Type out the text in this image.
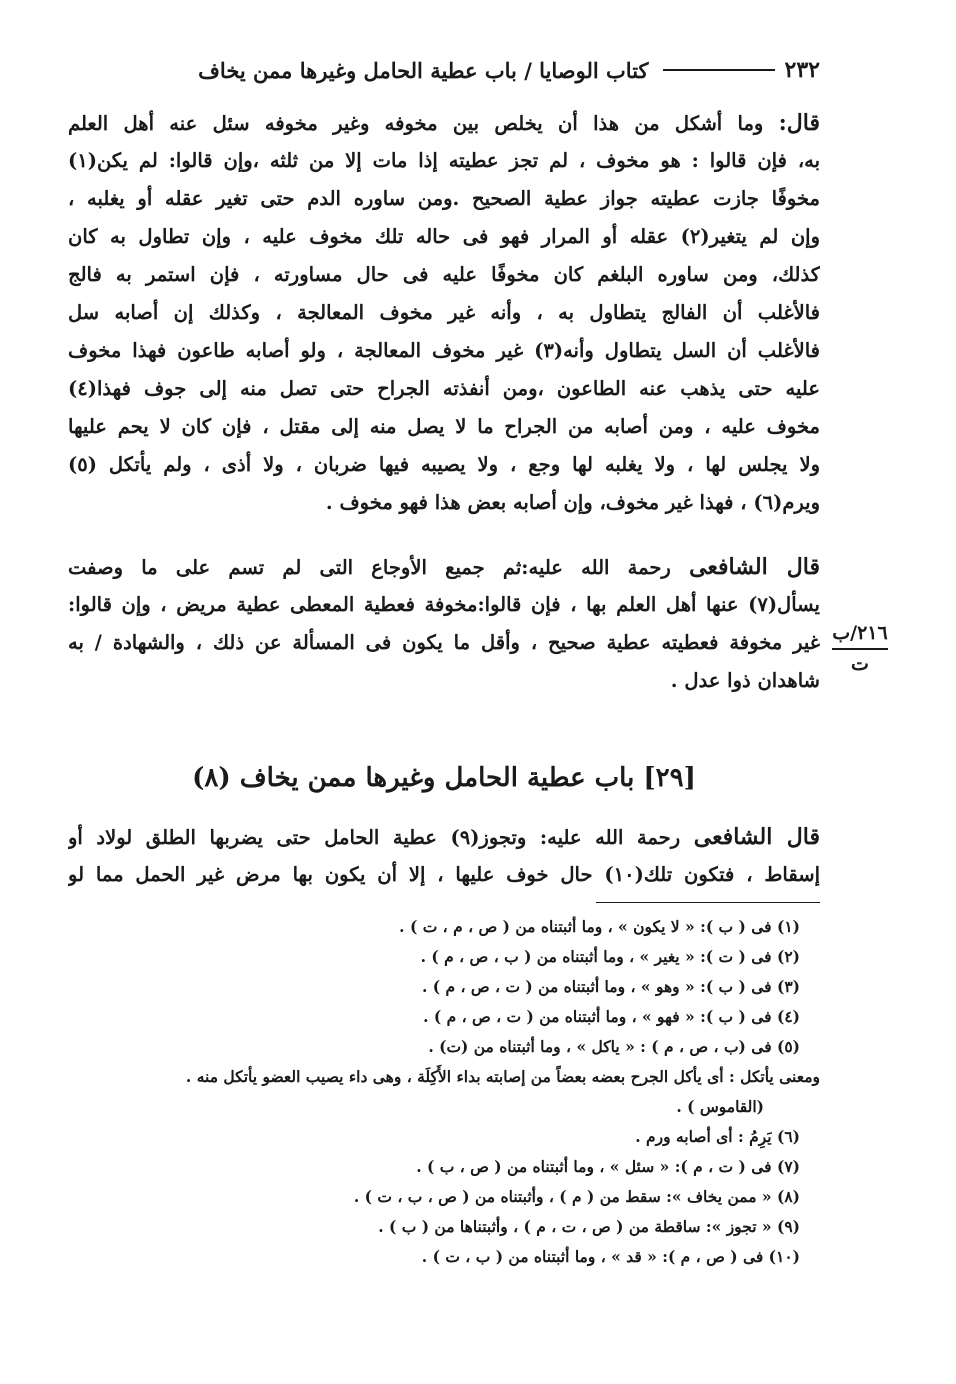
٢٣٢
كتاب الوصايا / باب عطية الحامل وغيرها ممن يخاف
قال: وما أشكل من هذا أن يخلص بين مخوفه وغير مخوفه سئل عنه أهل العلم
به، فإن قالوا : هو مخوف ، لم تجز عطيته إذا مات إلا من ثلثه ،وإن قالوا: لم يكن(١)
مخوفًا جازت عطيته جواز عطية الصحيح .ومن ساوره الدم حتى تغير عقله أو يغلبه ،
وإن لم يتغير(٢) عقله أو المرار فهو فى حاله تلك مخوف عليه ، وإن تطاول به كان
كذلك، ومن ساوره البلغم كان مخوفًا عليه فى حال مساورته ، فإن استمر به فالج
فالأغلب أن الفالج يتطاول به ، وأنه غير مخوف المعالجة ، وكذلك إن أصابه سل
فالأغلب أن السل يتطاول وأنه(٣) غير مخوف المعالجة ، ولو أصابه طاعون فهذا مخوف
عليه حتى يذهب عنه الطاعون ،ومن أنفذته الجراح حتى تصل منه إلى جوف فهذا(٤)
مخوف عليه ، ومن أصابه من الجراح ما لا يصل منه إلى مقتل ، فإن كان لا يحم عليها
ولا يجلس لها ، ولا يغلبه لها وجع ، ولا يصيبه فيها ضربان ، ولا أذى ، ولم يأتكل (٥)
ويرم(٦) ، فهذا غير مخوف، وإن أصابه بعض هذا فهو مخوف .
قال الشافعى رحمة الله عليه:ثم جميع الأوجاع التى لم تسم على ما وصفت
يسأل(٧) عنها أهل العلم بها ، فإن قالوا:مخوفة فعطية المعطى عطية مريض ، وإن قالوا:
غير مخوفة فعطيته عطية صحيح ، وأقل ما يكون فى المسألة عن ذلك ، والشهادة / به
شاهدان ذوا عدل .
٢١٦/ب
ت
[٢٩] باب عطية الحامل وغيرها ممن يخاف (٨)
قال الشافعى رحمة الله عليه: وتجوز(٩) عطية الحامل حتى يضربها الطلق لولاد أو
إسقاط ، فتكون تلك(١٠) حال خوف عليها ، إلا أن يكون بها مرض غير الحمل مما لو
(١) فى ( ب ): « لا يكون » ، وما أثبتناه من ( ص ، م ، ت ) .
(٢) فى ( ت ): « يغير » ، وما أثبتناه من ( ب ، ص ، م ) .
(٣) فى ( ب ): « وهو » ، وما أثبتناه من ( ت ، ص ، م ) .
(٤) فى ( ب ): « فهو » ، وما أثبتناه من ( ت ، ص ، م ) .
(٥) فى (ب ، ص ، م ) : « ياكل » ، وما أثبتناه من (ت) .
ومعنى يأتكل : أى يأكل الجرح بعضه بعضاً من إصابته بداء الأَكِلَة ، وهى داء يصيب العضو يأتكل منه .
(القاموس ) .
(٦) يَرِمُ : أى أصابه ورم .
(٧) فى ( ت ، م ): « سئل » ، وما أثبتناه من ( ص ، ب ) .
(٨) « ممن يخاف »: سقط من ( م ) ، وأثبتناه من ( ص ، ب ، ت ) .
(٩) « تجوز »: ساقطة من ( ص ، ت ، م ) ، وأثبتناها من ( ب ) .
(١٠) فى ( ص ، م ): « قد » ، وما أثبتناه من ( ب ، ت ) .
